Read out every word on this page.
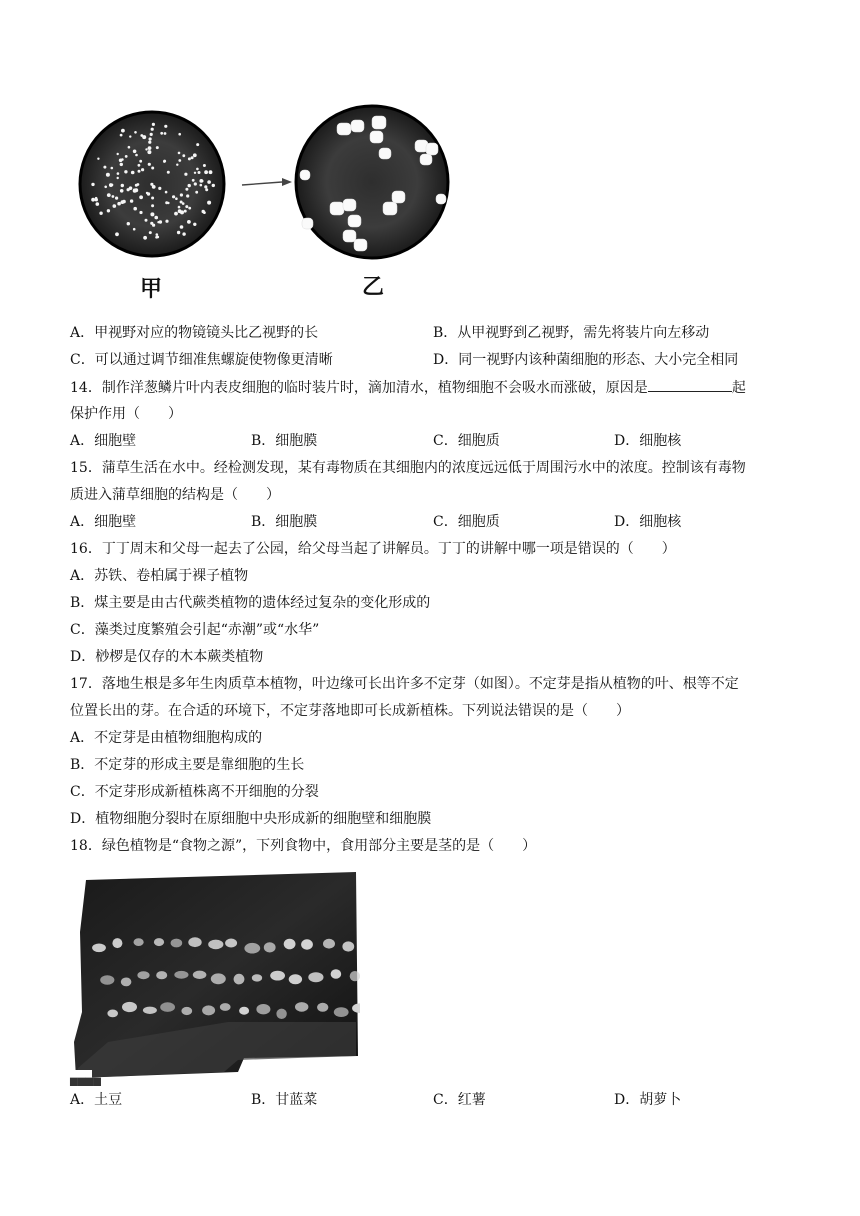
甲	乙
A．甲视野对应的物镜镜头比乙视野的长	B．从甲视野到乙视野，需先将装片向左移动
C．可以通过调节细准焦螺旋使物像更清晰	D．同一视野内该种菌细胞的形态、大小完全相同
14．制作洋葱鳞片叶内表皮细胞的临时装片时，滴加清水，植物细胞不会吸水而涨破，原因是	起
保护作用（　　）
A．细胞壁	B．细胞膜	C．细胞质	D．细胞核
15．蒲草生活在水中。经检测发现，某有毒物质在其细胞内的浓度远远低于周围污水中的浓度。控制该有毒物
质进入蒲草细胞的结构是（　　）
A．细胞壁	B．细胞膜	C．细胞质	D．细胞核
16．丁丁周末和父母一起去了公园，给父母当起了讲解员。丁丁的讲解中哪一项是错误的（　　）
A．苏铁、卷柏属于裸子植物
B．煤主要是由古代蕨类植物的遗体经过复杂的变化形成的
C．藻类过度繁殖会引起“赤潮”或“水华”
D．桫椤是仅存的木本蕨类植物
17．落地生根是多年生肉质草本植物，叶边缘可长出许多不定芽（如图）。不定芽是指从植物的叶、根等不定
位置长出的芽。在合适的环境下，不定芽落地即可长成新植株。下列说法错误的是（　　）
A．不定芽是由植物细胞构成的
B．不定芽的形成主要是靠细胞的生长
C．不定芽形成新植株离不开细胞的分裂
D．植物细胞分裂时在原细胞中央形成新的细胞壁和细胞膜
18．绿色植物是“食物之源”，下列食物中，食用部分主要是茎的是（　　）
▆▆▆▆
A．土豆	B．甘蓝菜	C．红薯	D．胡萝卜
